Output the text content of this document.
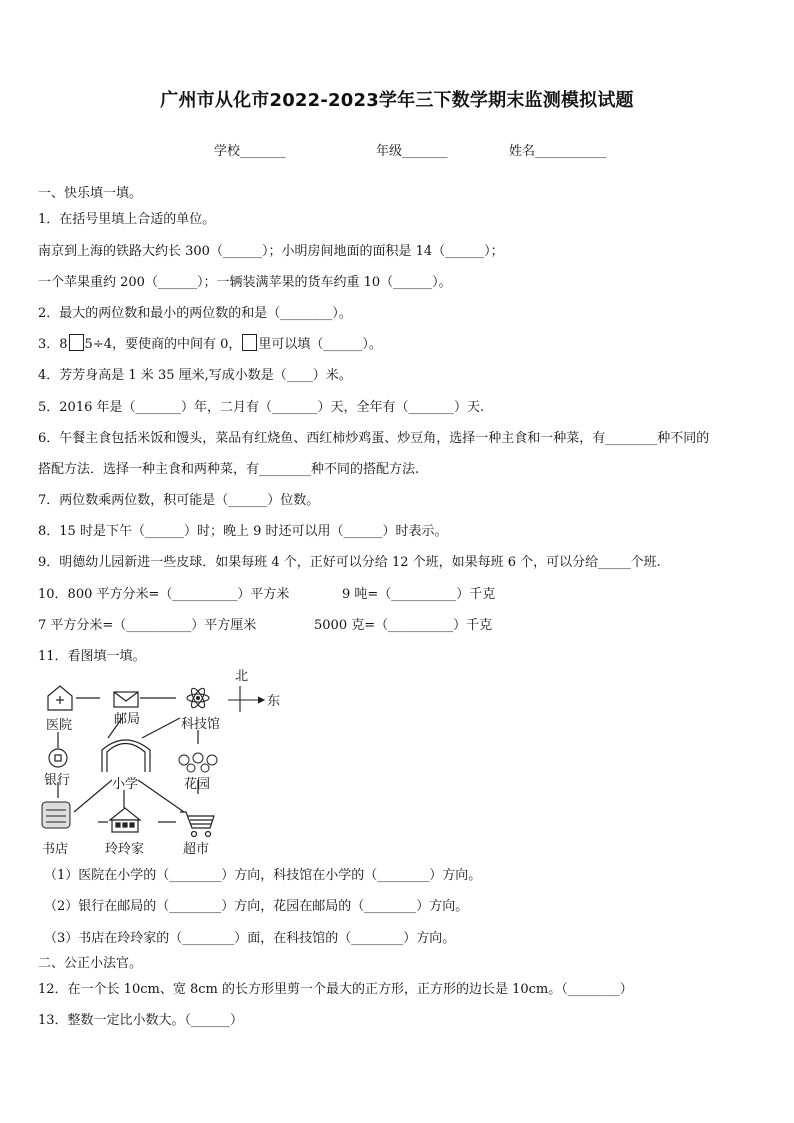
广州市从化市2022-2023学年三下数学期末监测模拟试题
学校_______	年级_______	姓名___________
一、快乐填一填。
1．在括号里填上合适的单位。
南京到上海的铁路大约长 300（______）；小明房间地面的面积是 14（______）；
一个苹果重约 200（______）；一辆装满苹果的货车约重 10（______）。
2．最大的两位数和最小的两位数的和是（________）。
3．8 5÷4，要使商的中间有 0， 里可以填（______）。
4．芳芳身高是 1 米 35 厘米,写成小数是（____）米。
5．2016 年是（_______）年，二月有（_______）天，全年有（_______）天.
6．午餐主食包括米饭和馒头，菜品有红烧鱼、西红柿炒鸡蛋、炒豆角，选择一种主食和一种菜，有________种不同的
搭配方法．选择一种主食和两种菜，有________种不同的搭配方法.
7．两位数乘两位数，积可能是（______）位数。
8．15 时是下午（______）时；晚上 9 时还可以用（______）时表示。
9．明德幼儿园新进一些皮球．如果每班 4 个，正好可以分给 12 个班，如果每班 6 个，可以分给_____个班.
10．800 平方分米=（__________）平方米	9 吨=（__________）千克
7 平方分米=（__________）平方厘米	5000 克=（__________）千克
11．看图填一填。
北
东
医院	邮局	科技馆
银行	小学	花园
书店	玲玲家	超市
（1）医院在小学的（________）方向，科技馆在小学的（________）方向。
（2）银行在邮局的（________）方向，花园在邮局的（________）方向。
（3）书店在玲玲家的（________）面，在科技馆的（________）方向。
二、公正小法官。
12．在一个长 10cm、宽 8cm 的长方形里剪一个最大的正方形，正方形的边长是 10cm。（________）
13．整数一定比小数大。（______）
